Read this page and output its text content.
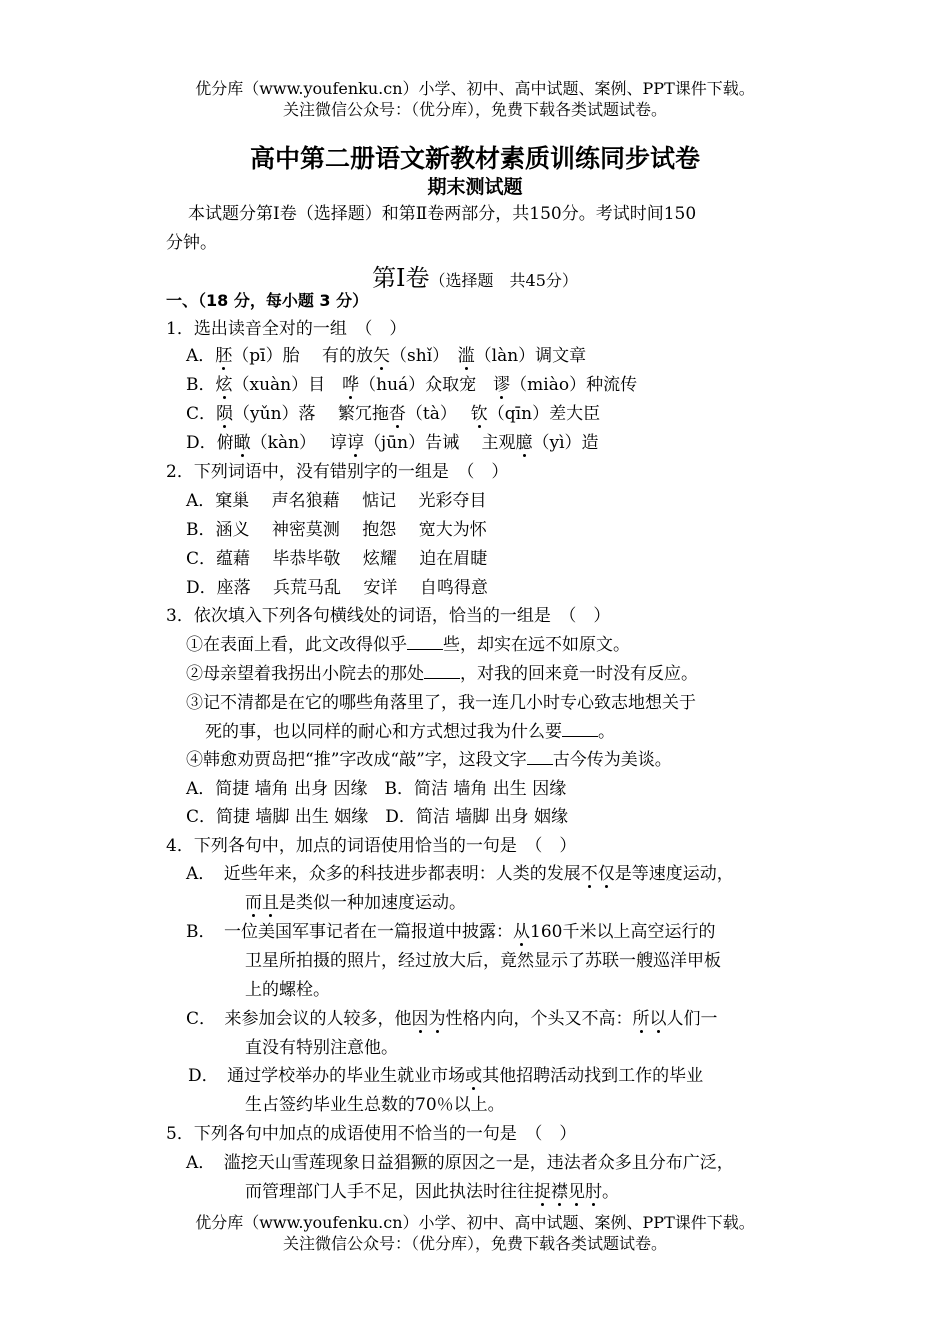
优分库（www.youfenku.cn）小学、初中、高中试题、案例、PPT课件下载。
关注微信公众号：（优分库），免费下载各类试题试卷。
高中第二册语文新教材素质训练同步试卷
期末测试题
本试题分第Ⅰ卷（选择题）和第Ⅱ卷两部分，共150分。考试时间150
分钟。
第Ⅰ卷（选择题　共45分）
一、（18 分，每小题 3 分）
1．选出读音全对的一组　（　）
A．胚（pī）胎　 有的放矢（shǐ）　滥（làn）调文章
B．炫（xuàn）目　哗（huá）众取宠　谬（miào）种流传
C．陨（yǔn）落　 繁冗拖沓（tà）　 钦（qīn）差大臣
D．俯瞰（kàn）　 谆谆（jūn）告诫　 主观臆（yì）造
2．下列词语中，没有错别字的一组是　（　）
A．窠巢　 声名狼藉　 惦记　 光彩夺目
B．涵义　 神密莫测　 抱怨　 宽大为怀
C．蕴藉　 毕恭毕敬　 炫耀　 迫在眉睫
D．座落　 兵荒马乱　 安详　 自鸣得意
3．依次填入下列各句横线处的词语，恰当的一组是　（　）
①在表面上看，此文改得似乎 些，却实在远不如原文。
②母亲望着我拐出小院去的那处 ，对我的回来竟一时没有反应。
③记不清都是在它的哪些角落里了，我一连几小时专心致志地想关于
死的事，也以同样的耐心和方式想过我为什么要 。
④韩愈劝贾岛把“推”字改成“敲”字，这段文字 古今传为美谈。
A．简捷 墙角 出身 因缘　B．简洁 墙角 出生 因缘
C．简捷 墙脚 出生 姻缘　D．简洁 墙脚 出身 姻缘
4．下列各句中，加点的词语使用恰当的一句是　（　）
A．　近些年来，众多的科技进步都表明：人类的发展不仅是等速度运动，
而且是类似一种加速度运动。
B．　一位美国军事记者在一篇报道中披露：从160千米以上高空运行的
卫星所拍摄的照片，经过放大后，竟然显示了苏联一艘巡洋甲板
上的螺栓。
C．　来参加会议的人较多，他因为性格内向，个头又不高：所以人们一
直没有特别注意他。
D．　通过学校举办的毕业生就业市场或其他招聘活动找到工作的毕业
生占签约毕业生总数的70％以上。
5．下列各句中加点的成语使用不恰当的一句是　（　）
A．　滥挖天山雪莲现象日益猖獗的原因之一是，违法者众多且分布广泛，
而管理部门人手不足，因此执法时往往捉襟见肘。
优分库（www.youfenku.cn）小学、初中、高中试题、案例、PPT课件下载。
关注微信公众号：（优分库），免费下载各类试题试卷。
